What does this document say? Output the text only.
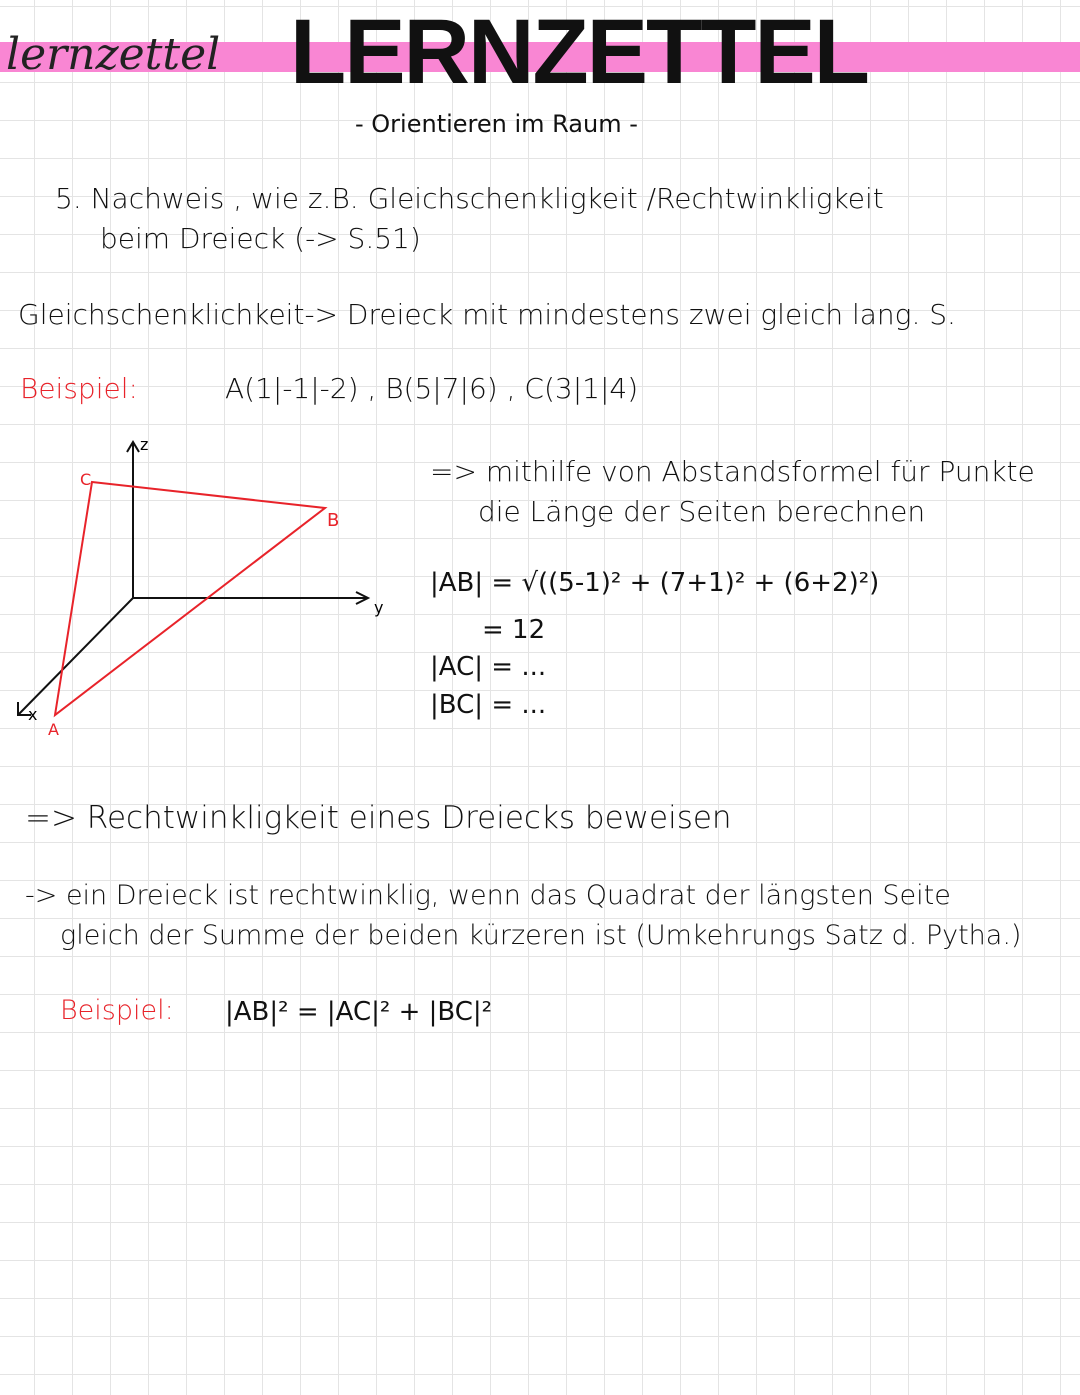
LERNZETTEL
lernzettel
- Orientieren im Raum -
5. Nachweis , wie z.B. Gleichschenkligkeit /Rechtwinkligkeit
beim Dreieck (-> S.51)
Gleichschenklichkeit-> Dreieck mit mindestens zwei gleich lang. S.
Beispiel:	A(1|-1|-2) , B(5|7|6) , C(3|1|4)
z
y
x
A
B
C	=> mithilfe von Abstandsformel für Punkte
die Länge der Seiten berechnen
|AB| = √((5-1)² + (7+1)² + (6+2)²)
= 12
|AC| = ...
|BC| = ...
=> Rechtwinkligkeit eines Dreiecks beweisen
-> ein Dreieck ist rechtwinklig, wenn das Quadrat der längsten Seite
gleich der Summe der beiden kürzeren ist (Umkehrungs Satz d. Pytha.)
Beispiel: |AB|² = |AC|² + |BC|²
